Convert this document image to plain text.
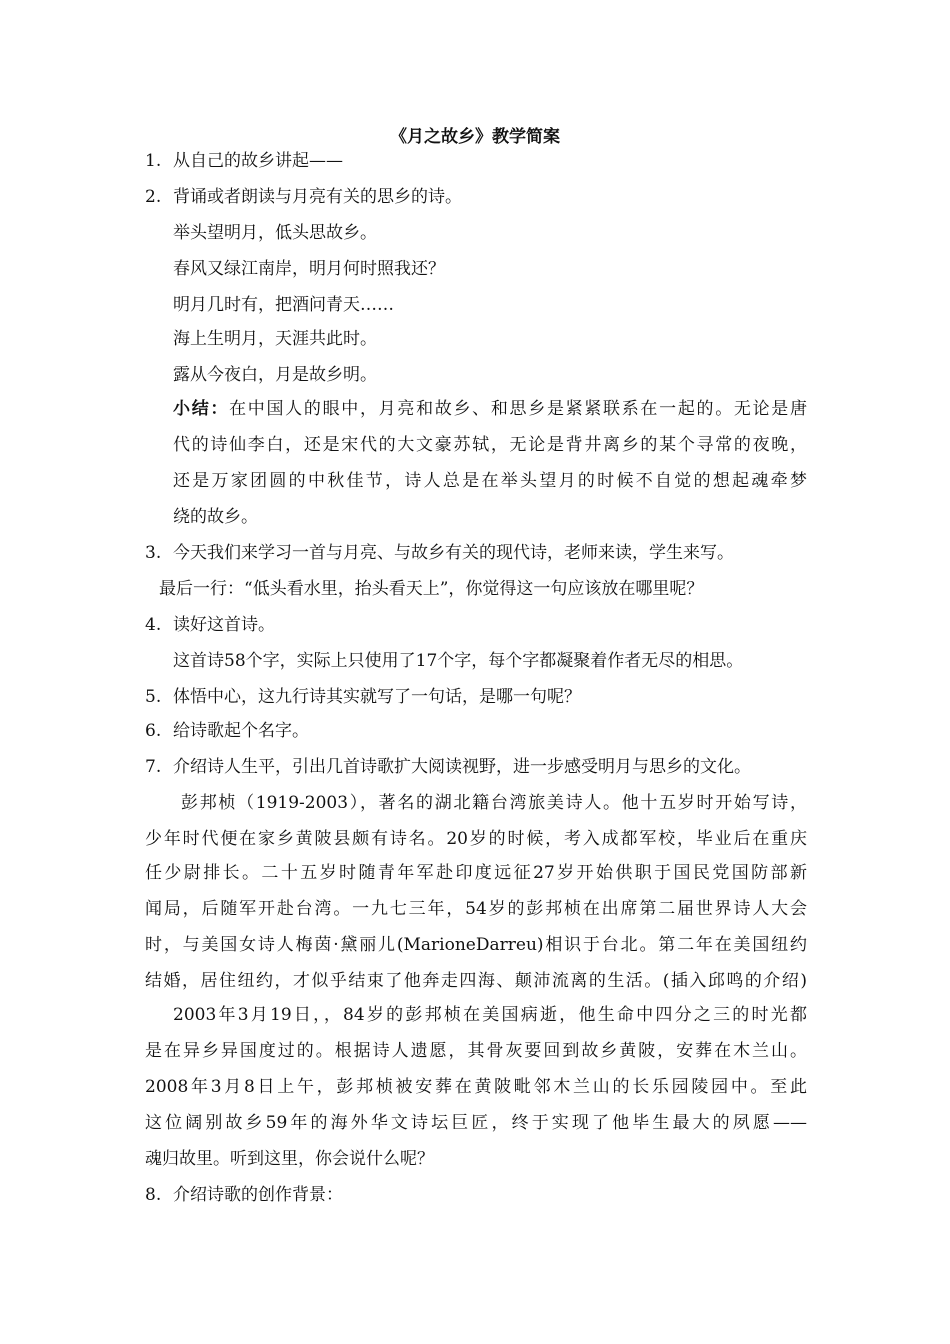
《月之故乡》教学简案
1. 从自己的故乡讲起——
2. 背诵或者朗读与月亮有关的思乡的诗。
举头望明月，低头思故乡。
春风又绿江南岸，明月何时照我还？
明月几时有，把酒问青天……
海上生明月，天涯共此时。
露从今夜白，月是故乡明。
小结：在中国人的眼中，月亮和故乡、和思乡是紧紧联系在一起的。无论是唐
代的诗仙李白，还是宋代的大文豪苏轼，无论是背井离乡的某个寻常的夜晚，
还是万家团圆的中秋佳节，诗人总是在举头望月的时候不自觉的想起魂牵梦
绕的故乡。
3. 今天我们来学习一首与月亮、与故乡有关的现代诗，老师来读，学生来写。
最后一行：“低头看水里，抬头看天上”，你觉得这一句应该放在哪里呢？
4. 读好这首诗。
这首诗58个字，实际上只使用了17个字，每个字都凝聚着作者无尽的相思。
5. 体悟中心，这九行诗其实就写了一句话，是哪一句呢？
6. 给诗歌起个名字。
7. 介绍诗人生平，引出几首诗歌扩大阅读视野，进一步感受明月与思乡的文化。
彭邦桢（1919-2003），著名的湖北籍台湾旅美诗人。他十五岁时开始写诗，
少年时代便在家乡黄陂县颇有诗名。20岁的时候，考入成都军校，毕业后在重庆
任少尉排长。二十五岁时随青年军赴印度远征27岁开始供职于国民党国防部新
闻局，后随军开赴台湾。一九七三年，54岁的彭邦桢在出席第二届世界诗人大会
时，与美国女诗人梅茵·黛丽儿(MarioneDarreu)相识于台北。第二年在美国纽约
结婚，居住纽约，才似乎结束了他奔走四海、颠沛流离的生活。(插入邱鸣的介绍)
2003年3月19日，，84岁的彭邦桢在美国病逝，他生命中四分之三的时光都
是在异乡异国度过的。根据诗人遗愿，其骨灰要回到故乡黄陂，安葬在木兰山。
2008年3月8日上午，彭邦桢被安葬在黄陂毗邻木兰山的长乐园陵园中。至此
这位阔别故乡59年的海外华文诗坛巨匠，终于实现了他毕生最大的夙愿——
魂归故里。听到这里，你会说什么呢？
8. 介绍诗歌的创作背景：
